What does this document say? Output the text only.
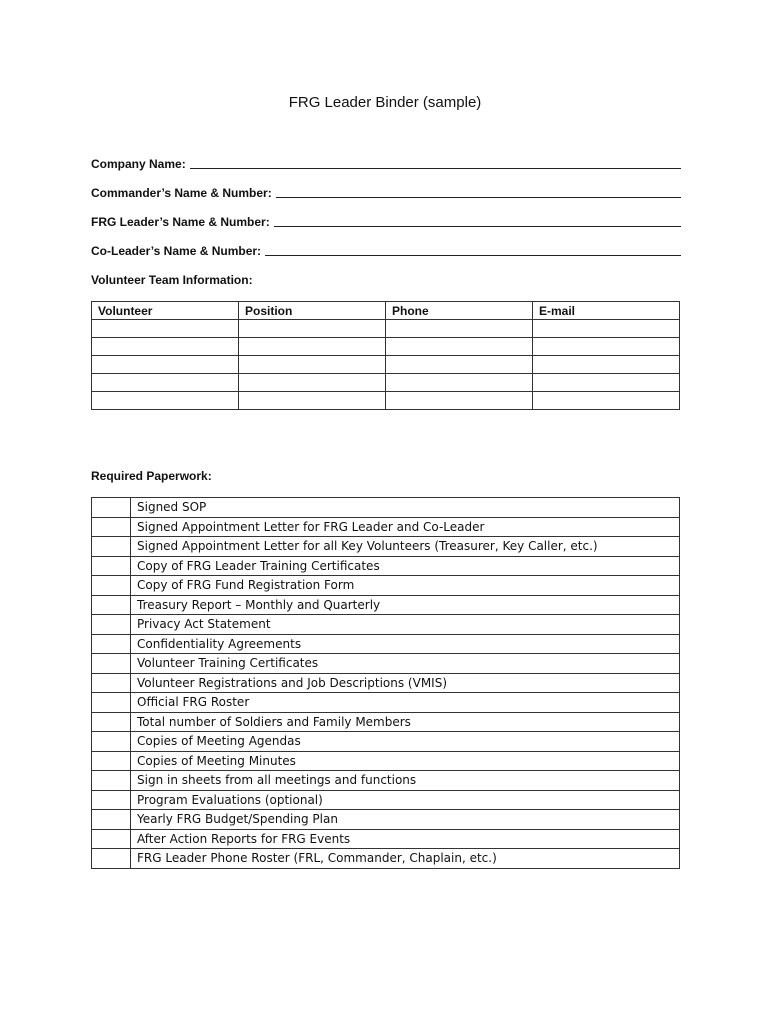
FRG Leader Binder (sample)
Company Name:
Commander’s Name & Number:
FRG Leader’s Name & Number:
Co-Leader’s Name & Number:
Volunteer Team Information:
Volunteer	Position	Phone	E-mail

Required Paperwork:
	Signed SOP
	Signed Appointment Letter for FRG Leader and Co-Leader
	Signed Appointment Letter for all Key Volunteers (Treasurer, Key Caller, etc.)
	Copy of FRG Leader Training Certificates
	Copy of FRG Fund Registration Form
	Treasury Report – Monthly and Quarterly
	Privacy Act Statement
	Confidentiality Agreements
	Volunteer Training Certificates
	Volunteer Registrations and Job Descriptions (VMIS)
	Official FRG Roster
	Total number of Soldiers and Family Members
	Copies of Meeting Agendas
	Copies of Meeting Minutes
	Sign in sheets from all meetings and functions
	Program Evaluations (optional)
	Yearly FRG Budget/Spending Plan
	After Action Reports for FRG Events
	FRG Leader Phone Roster (FRL, Commander, Chaplain, etc.)
